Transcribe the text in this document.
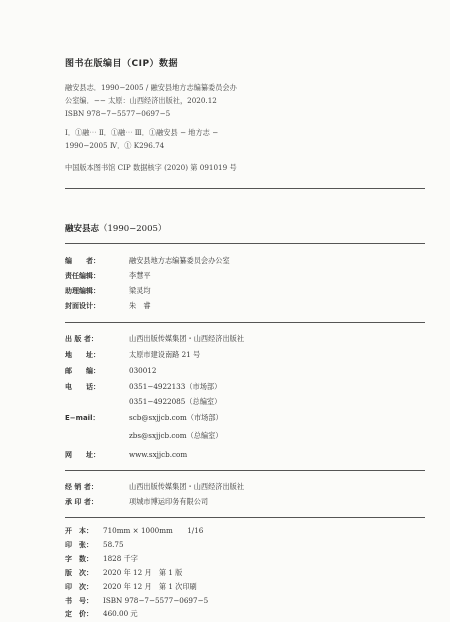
图书在版编目（CIP）数据
融安县志．1990−2005 / 融安县地方志编纂委员会办
公室编．−− 太原：山西经济出版社，2020.12
ISBN 978−7−5577−0697−5
Ⅰ．①融⋯ Ⅱ．①融⋯ Ⅲ．①融安县 − 地方志 −
1990−2005 Ⅳ．① K296.74
中国版本图书馆 CIP 数据核字 (2020) 第 091019 号
融安县志（1990−2005）
编　　者：	融安县地方志编纂委员会办公室
责任编辑：	李慧平
助理编辑：	梁灵均
封面设计：	朱　睿
出 版 者：	山西出版传媒集团・山西经济出版社
地　　址：	太原市建设南路 21 号
邮　　编：	030012
电　　话：	0351−4922133（市场部）
0351−4922085（总编室）
E−mail：	scb@sxjjcb.com（市场部）
zbs@sxjjcb.com（总编室）
网　　址：	www.sxjjcb.com
经 销 者：	山西出版传媒集团・山西经济出版社
承 印 者：	项城市博运印务有限公司
开　本： 710mm × 1000mm　　1/16
印　张： 58.75
字　数： 1828 千字
版　次： 2020 年 12 月　第 1 版
印　次： 2020 年 12 月　第 1 次印刷
书　号： ISBN 978−7−5577−0697−5
定　价： 460.00 元
